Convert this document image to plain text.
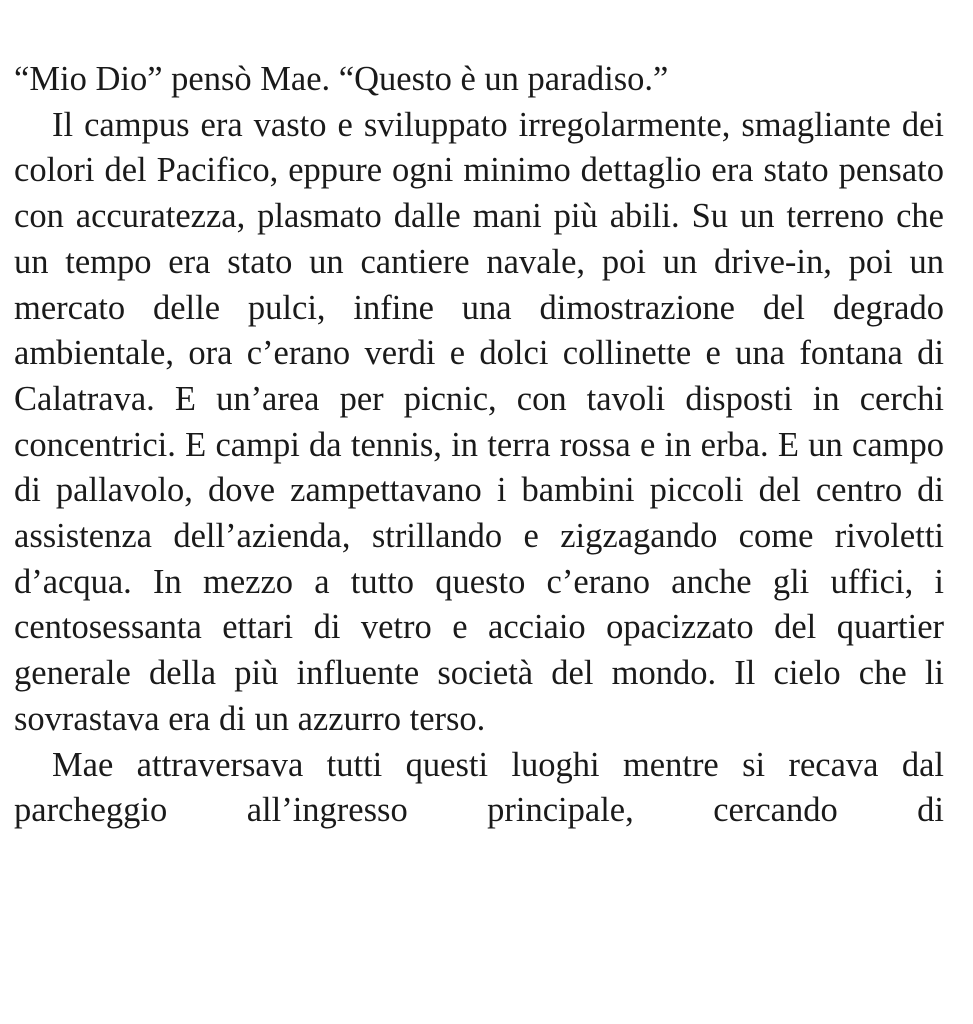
“Mio Dio” pensò Mae. “Questo è un paradiso.”

Il campus era vasto e sviluppato irregolarmente, smagliante dei colori del Pacifico, eppure ogni minimo dettaglio era stato pensato con accuratezza, plasmato dalle mani più abili. Su un terreno che un tempo era stato un cantiere navale, poi un drive-in, poi un mercato delle pulci, infine una dimostrazione del degrado ambientale, ora c’erano verdi e dolci collinette e una fontana di Calatrava. E un’area per picnic, con tavoli disposti in cerchi concentrici. E campi da tennis, in terra rossa e in erba. E un campo di pallavolo, dove zampettavano i bambini piccoli del centro di assistenza dell’azienda, strillando e zigzagando come rivoletti d’acqua. In mezzo a tutto questo c’erano anche gli uffici, i centosessanta ettari di vetro e acciaio opacizzato del quartier generale della più influente società del mondo. Il cielo che li sovrastava era di un azzurro terso.

Mae attraversava tutti questi luoghi mentre si recava dal parcheggio all’ingresso principale, cercando di
